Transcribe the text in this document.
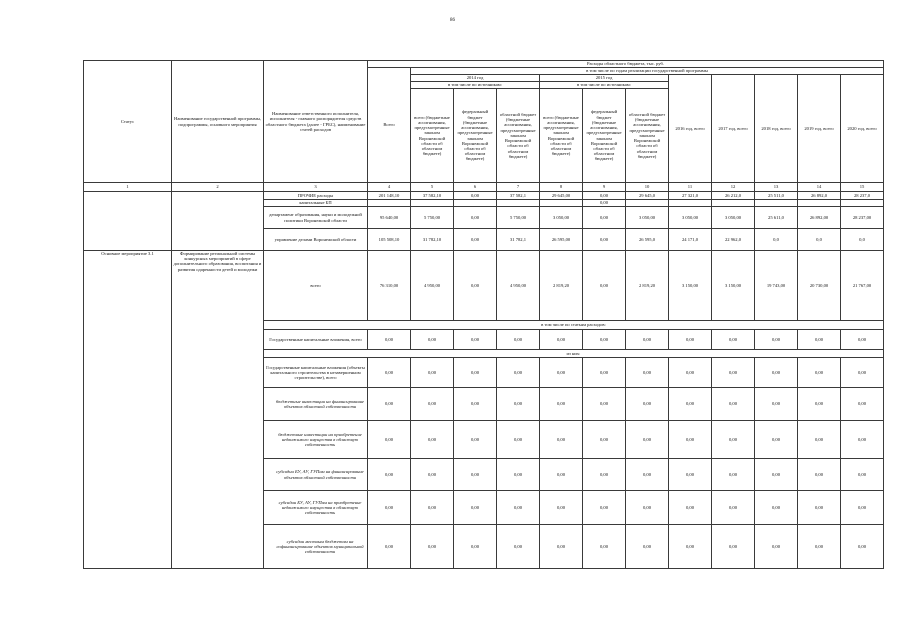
86
Статус	Наименование государственной программы, подпрограммы, основного мероприятия	Наименование ответственного исполнителя, исполнителя - главного распорядителя средств областного бюджета (далее - ГРБС), наименование статей расходов	Расходы областного бюджета, тыс. руб.											
			Всего	в том числе по годам реализации государственной программы										
				2014 год			2015 год			2016 год, всего	2017 год, всего	2018 год, всего	2019 год, всего	2020 год, всего
				в том числе по источникам:			в том числе по источникам:							
				всего (бюджетные ассигнования, предусмотренные законом Воронежской области об областном бюджете)	федеральный бюджет (бюджетные ассигнования, предусмотренные законом Воронежской области об областном бюджете)	областной бюджет (бюджетные ассигнования, предусмотренные законом Воронежской области об областном бюджете)	всего (бюджетные ассигнования, предусмотренные законом Воронежской области об областном бюджете)	федеральный бюджет (бюджетные ассигнования, предусмотренные законом Воронежской области об областном бюджете)	областной бюджет (бюджетные ассигнования, предусмотренные законом Воронежской области об областном бюджете)					
1	2	3	4	5	6	7	8	9	10	11	12	13	14	15
		ПРОЧИЕ расходы	201 148,10	37 582,10	0,00	37 582,1	29 645,00	0,00	29 645,0	27 321,0	26 212,0	25 511,0	26 892,0	28 237,0
		капитальные БП						0,00						
		департамент образования, науки и молодежной политики Воронежской области	95 640,00	5 750,00	0,00	5 750,00	3 050,00	0,00	3 050,00	3 050,00	3 050,00	25 611,0	26 892,00	28 237,00
		управление делами Воронежской области	105 508,10	31 782,10	0,00	31 782,1	26 595,00	0,00	26 595,0	24 171,0	22 962,0	0,0	0,0	0,0
Основное мероприятие 3.1	Формирование региональной системы конкурсных мероприятий в сфере дополнительного образования, воспитания и развития одаренности детей и молодежи	всего	76 310,00	4 950,00	0,00	4 950,00	2 819,20	0,00	2 819,20	3 150,00	3 150,00	19 743,00	20 730,00	21 767,00
		в том числе по статьям расходов:												
		Государственные капитальные вложения, всего	0,00	0,00	0,00	0,00	0,00	0,00	0,00	0,00	0,00	0,00	0,00	0,00
		из них:												
		Государственные капитальные вложения (объекты капитального строительства в незавершенном строительстве), всего	0,00	0,00	0,00	0,00	0,00	0,00	0,00	0,00	0,00	0,00	0,00	0,00
		бюджетные инвестиции на финансирование объектов областной собственности	0,00	0,00	0,00	0,00	0,00	0,00	0,00	0,00	0,00	0,00	0,00	0,00
		бюджетные инвестиции на приобретение недвижимого имущества в областную собственность	0,00	0,00	0,00	0,00	0,00	0,00	0,00	0,00	0,00	0,00	0,00	0,00
		субсидии БУ, АУ, ГУПам на финансирование объектов областной собственности	0,00	0,00	0,00	0,00	0,00	0,00	0,00	0,00	0,00	0,00	0,00	0,00
		субсидии БУ, АУ, ГУПам на приобретение недвижимого имущества в областную собственность	0,00	0,00	0,00	0,00	0,00	0,00	0,00	0,00	0,00	0,00	0,00	0,00
		субсидии местным бюджетам на софинансирование объектов муниципальной собственности	0,00	0,00	0,00	0,00	0,00	0,00	0,00	0,00	0,00	0,00	0,00	0,00
